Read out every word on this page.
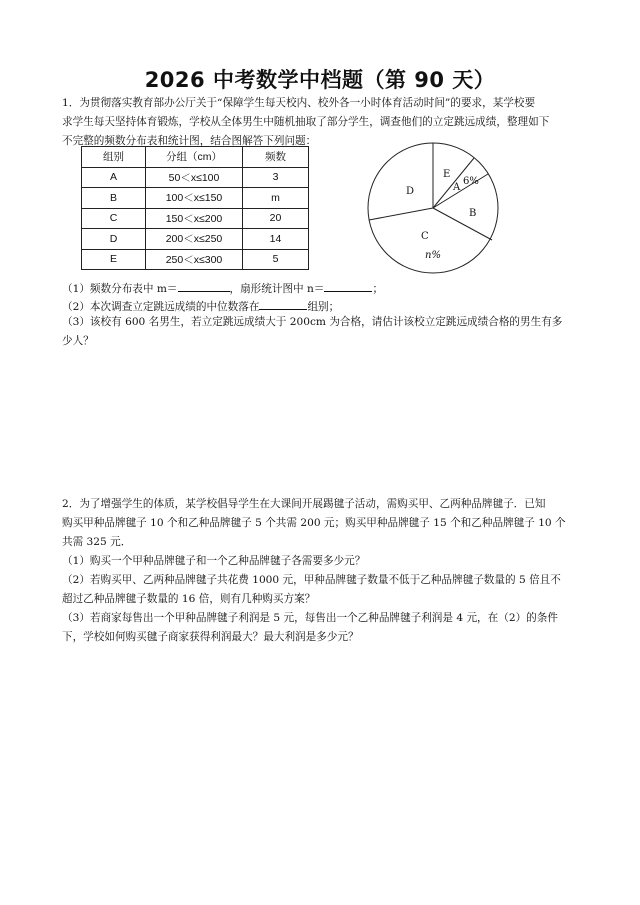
2026 中考数学中档题（第 90 天）

1．为贯彻落实教育部办公厅关于“保障学生每天校内、校外各一小时体育活动时间”的要求，某学校要
求学生每天坚持体育锻炼，学校从全体男生中随机抽取了部分学生，调查他们的立定跳远成绩，整理如下
不完整的频数分布表和统计图，结合图解答下列问题：

组别	分组（cm）	频数
A	50＜x≤100	3
B	100＜x≤150	m
C	150＜x≤200	20
D	200＜x≤250	14
E	250＜x≤300	5
E
A
6%
B
D
C
n%
（1）频数分布表中 m＝	，扇形统计图中 n＝	；
（2）本次调查立定跳远成绩的中位数落在	组别；

（3）该校有 600 名男生，若立定跳远成绩大于 200cm 为合格，请估计该校立定跳远成绩合格的男生有多
少人？

2．为了增强学生的体质，某学校倡导学生在大课间开展踢毽子活动，需购买甲、乙两种品牌毽子．已知
购买甲种品牌毽子 10 个和乙种品牌毽子 5 个共需 200 元；购买甲种品牌毽子 15 个和乙种品牌毽子 10 个
共需 325 元．

（1）购买一个甲种品牌毽子和一个乙种品牌毽子各需要多少元？
（2）若购买甲、乙两种品牌毽子共花费 1000 元，甲种品牌毽子数量不低于乙种品牌毽子数量的 5 倍且不
超过乙种品牌毽子数量的 16 倍，则有几种购买方案？
（3）若商家每售出一个甲种品牌毽子利润是 5 元，每售出一个乙种品牌毽子利润是 4 元，在（2）的条件
下，学校如何购买毽子商家获得利润最大？最大利润是多少元？
